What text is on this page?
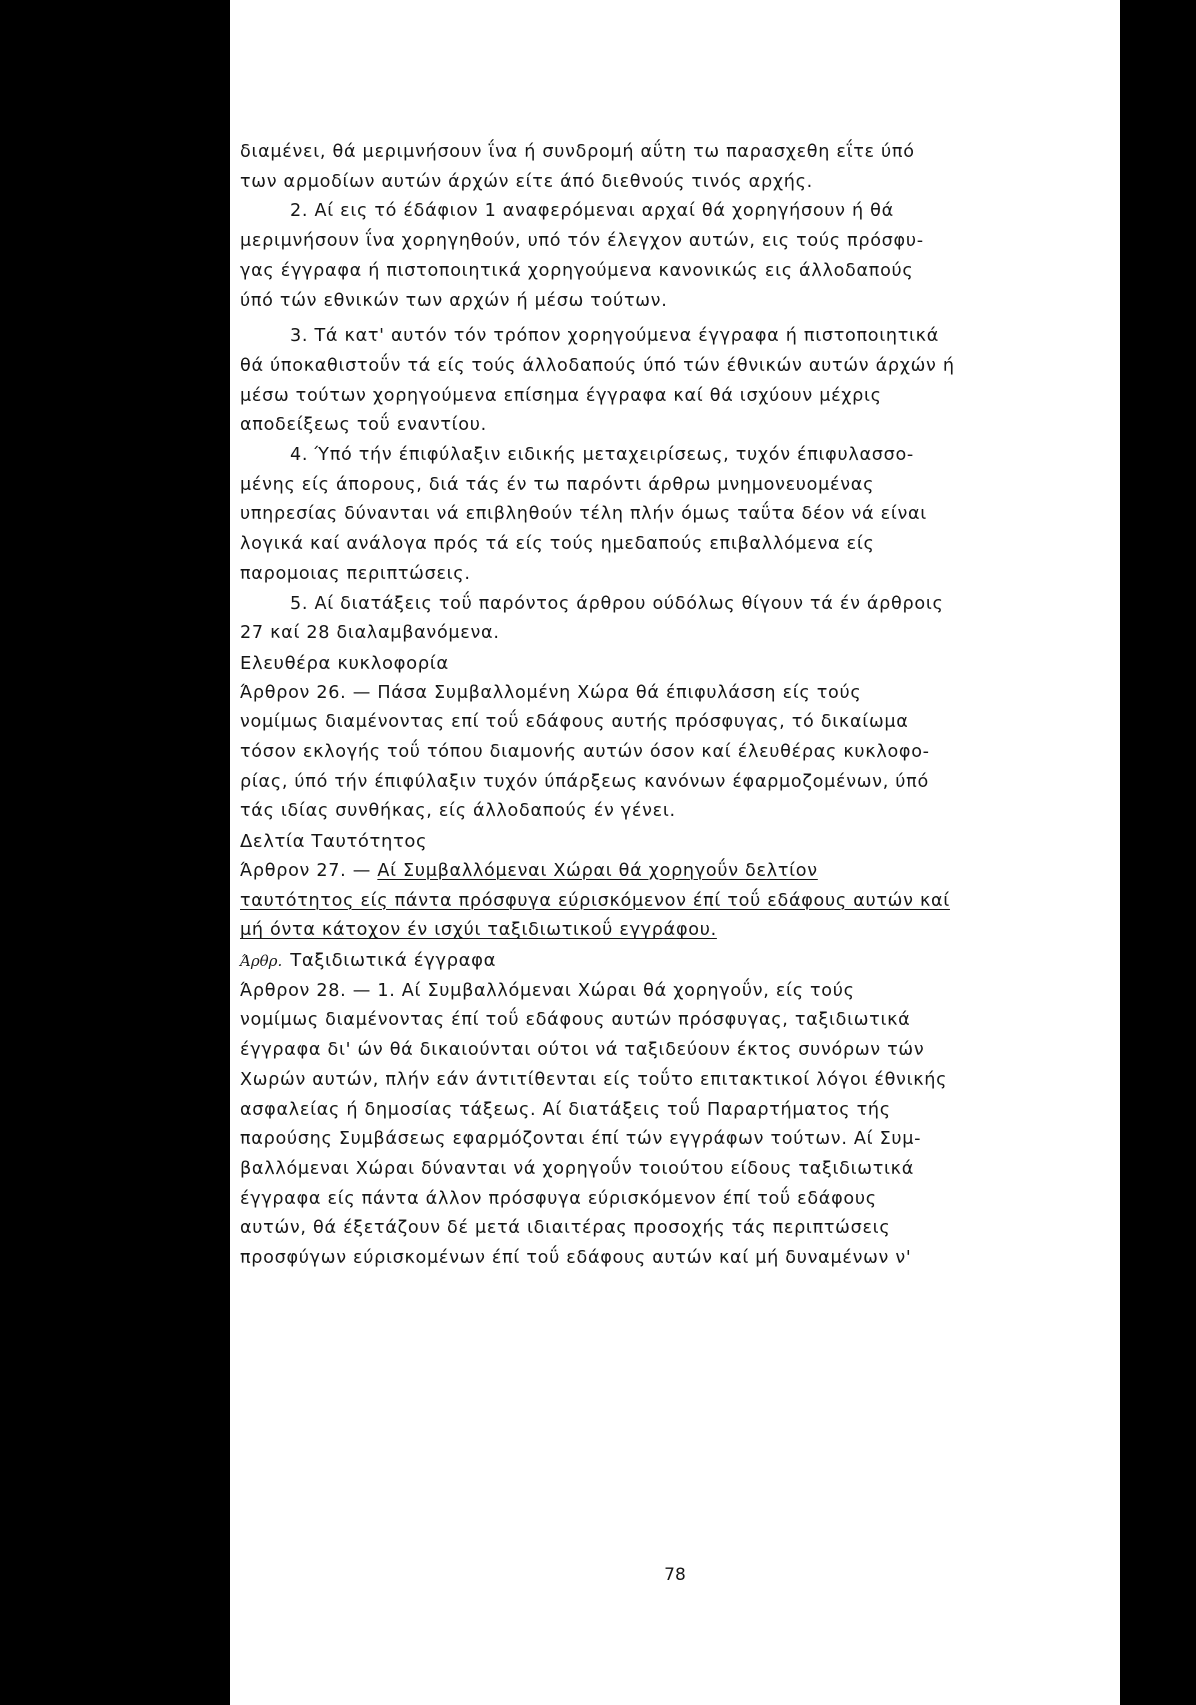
διαμένει, θά μεριμνήσουν ΐνα ή συνδρομή αΰτη τω παρασχεθη εΐτε ύπό
των αρμοδίων αυτών άρχών είτε άπό διεθνούς τινός αρχής.

2. Αί εις τό έδάφιον 1 αναφερόμεναι αρχαί θά χορηγήσουν ή θά
μεριμνήσουν ΐνα χορηγηθούν, υπό τόν έλεγχον αυτών, εις τούς πρόσφυ-
γας έγγραφα ή πιστοποιητικά χορηγούμενα κανονικώς εις άλλοδαπούς
ύπό τών εθνικών των αρχών ή μέσω τούτων.

3. Τά κατ' αυτόν τόν τρόπον χορηγούμενα έγγραφα ή πιστοποιητικά
θά ύποκαθιστοΰν τά είς τούς άλλοδαπούς ύπό τών έθνικών αυτών άρχών ή
μέσω τούτων χορηγούμενα επίσημα έγγραφα καί θά ισχύουν μέχρις
αποδείξεως τοΰ εναντίου.

4. Ύπό τήν έπιφύλαξιν ειδικής μεταχειρίσεως, τυχόν έπιφυλασσο-
μένης είς άπορους, διά τάς έν τω παρόντι άρθρω μνημονευομένας
υπηρεσίας δύνανται νά επιβληθούν τέλη πλήν όμως ταΰτα δέον νά είναι
λογικά καί ανάλογα πρός τά είς τούς ημεδαπούς επιβαλλόμενα είς
παρομοιας περιπτώσεις.

5. Αί διατάξεις τοΰ παρόντος άρθρου ούδόλως θίγουν τά έν άρθροις
27 καί 28 διαλαμβανόμενα.

Ελευθέρα κυκλοφορία

Άρθρον 26. — Πάσα Συμβαλλομένη Χώρα θά έπιφυλάσση είς τούς
νομίμως διαμένοντας επί τοΰ εδάφους αυτής πρόσφυγας, τό δικαίωμα
τόσον εκλογής τοΰ τόπου διαμονής αυτών όσον καί έλευθέρας κυκλοφο-
ρίας, ύπό τήν έπιφύλαξιν τυχόν ύπάρξεως κανόνων έφαρμοζομένων, ύπό
τάς ιδίας συνθήκας, είς άλλοδαπούς έν γένει.

Δελτία Ταυτότητος

Άρθρον 27. — Αί Συμβαλλόμεναι Χώραι θά χορηγοΰν δελτίον
ταυτότητος είς πάντα πρόσφυγα εύρισκόμενον έπί τοΰ εδάφους αυτών καί
μή όντα κάτοχον έν ισχύι ταξιδιωτικοΰ εγγράφου.

Άρθρ. Ταξιδιωτικά έγγραφα

Άρθρον 28. — 1. Αί Συμβαλλόμεναι Χώραι θά χορηγοΰν, είς τούς
νομίμως διαμένοντας έπί τοΰ εδάφους αυτών πρόσφυγας, ταξιδιωτικά
έγγραφα δι' ών θά δικαιούνται ούτοι νά ταξιδεύουν έκτος συνόρων τών
Χωρών αυτών, πλήν εάν άντιτίθενται είς τοΰτο επιτακτικοί λόγοι έθνικής
ασφαλείας ή δημοσίας τάξεως. Αί διατάξεις τοΰ Παραρτήματος τής
παρούσης Συμβάσεως εφαρμόζονται έπί τών εγγράφων τούτων. Αί Συμ-
βαλλόμεναι Χώραι δύνανται νά χορηγοΰν τοιούτου είδους ταξιδιωτικά
έγγραφα είς πάντα άλλον πρόσφυγα εύρισκόμενον έπί τοΰ εδάφους
αυτών, θά έξετάζουν δέ μετά ιδιαιτέρας προσοχής τάς περιπτώσεις
προσφύγων εύρισκομένων έπί τοΰ εδάφους αυτών καί μή δυναμένων ν'

78
